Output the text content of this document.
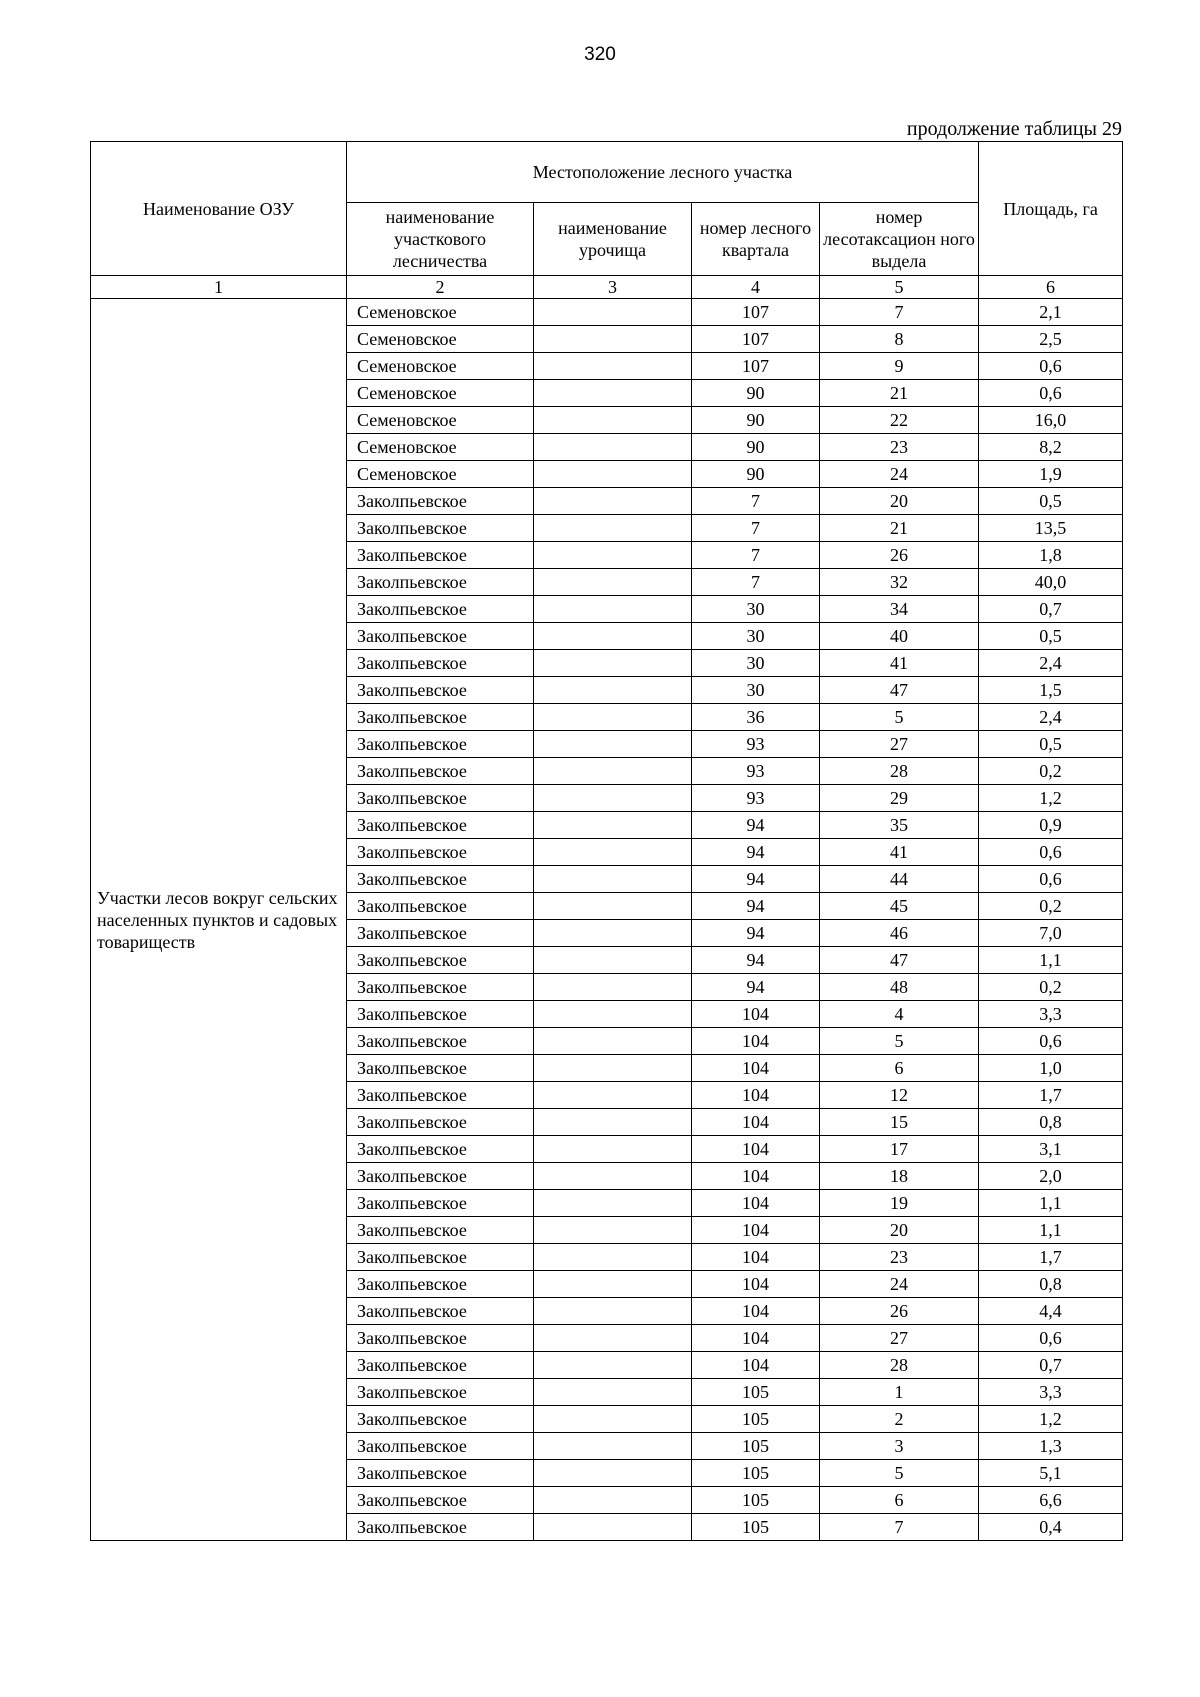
320
продолжение таблицы 29
Наименование ОЗУ	Местоположение лесного участка				Площадь, га
	наименование участкового лесничества	наименование урочища	номер лесного квартала	номер лесотаксацион ного выдела	
1	2	3	4	5	6

Участки лесов вокруг сельских населенных пунктов и садовых товариществ	Семеновское		107	7	2,1
	Семеновское		107	8	2,5
	Семеновское		107	9	0,6
	Семеновское		90	21	0,6
	Семеновское		90	22	16,0
	Семеновское		90	23	8,2
	Семеновское		90	24	1,9
	Заколпьевское		7	20	0,5
	Заколпьевское		7	21	13,5
	Заколпьевское		7	26	1,8
	Заколпьевское		7	32	40,0
	Заколпьевское		30	34	0,7
	Заколпьевское		30	40	0,5
	Заколпьевское		30	41	2,4
	Заколпьевское		30	47	1,5
	Заколпьевское		36	5	2,4
	Заколпьевское		93	27	0,5
	Заколпьевское		93	28	0,2
	Заколпьевское		93	29	1,2
	Заколпьевское		94	35	0,9
	Заколпьевское		94	41	0,6
	Заколпьевское		94	44	0,6
	Заколпьевское		94	45	0,2
	Заколпьевское		94	46	7,0
	Заколпьевское		94	47	1,1
	Заколпьевское		94	48	0,2
	Заколпьевское		104	4	3,3
	Заколпьевское		104	5	0,6
	Заколпьевское		104	6	1,0
	Заколпьевское		104	12	1,7
	Заколпьевское		104	15	0,8
	Заколпьевское		104	17	3,1
	Заколпьевское		104	18	2,0
	Заколпьевское		104	19	1,1
	Заколпьевское		104	20	1,1
	Заколпьевское		104	23	1,7
	Заколпьевское		104	24	0,8
	Заколпьевское		104	26	4,4
	Заколпьевское		104	27	0,6
	Заколпьевское		104	28	0,7
	Заколпьевское		105	1	3,3
	Заколпьевское		105	2	1,2
	Заколпьевское		105	3	1,3
	Заколпьевское		105	5	5,1
	Заколпьевское		105	6	6,6
	Заколпьевское		105	7	0,4
